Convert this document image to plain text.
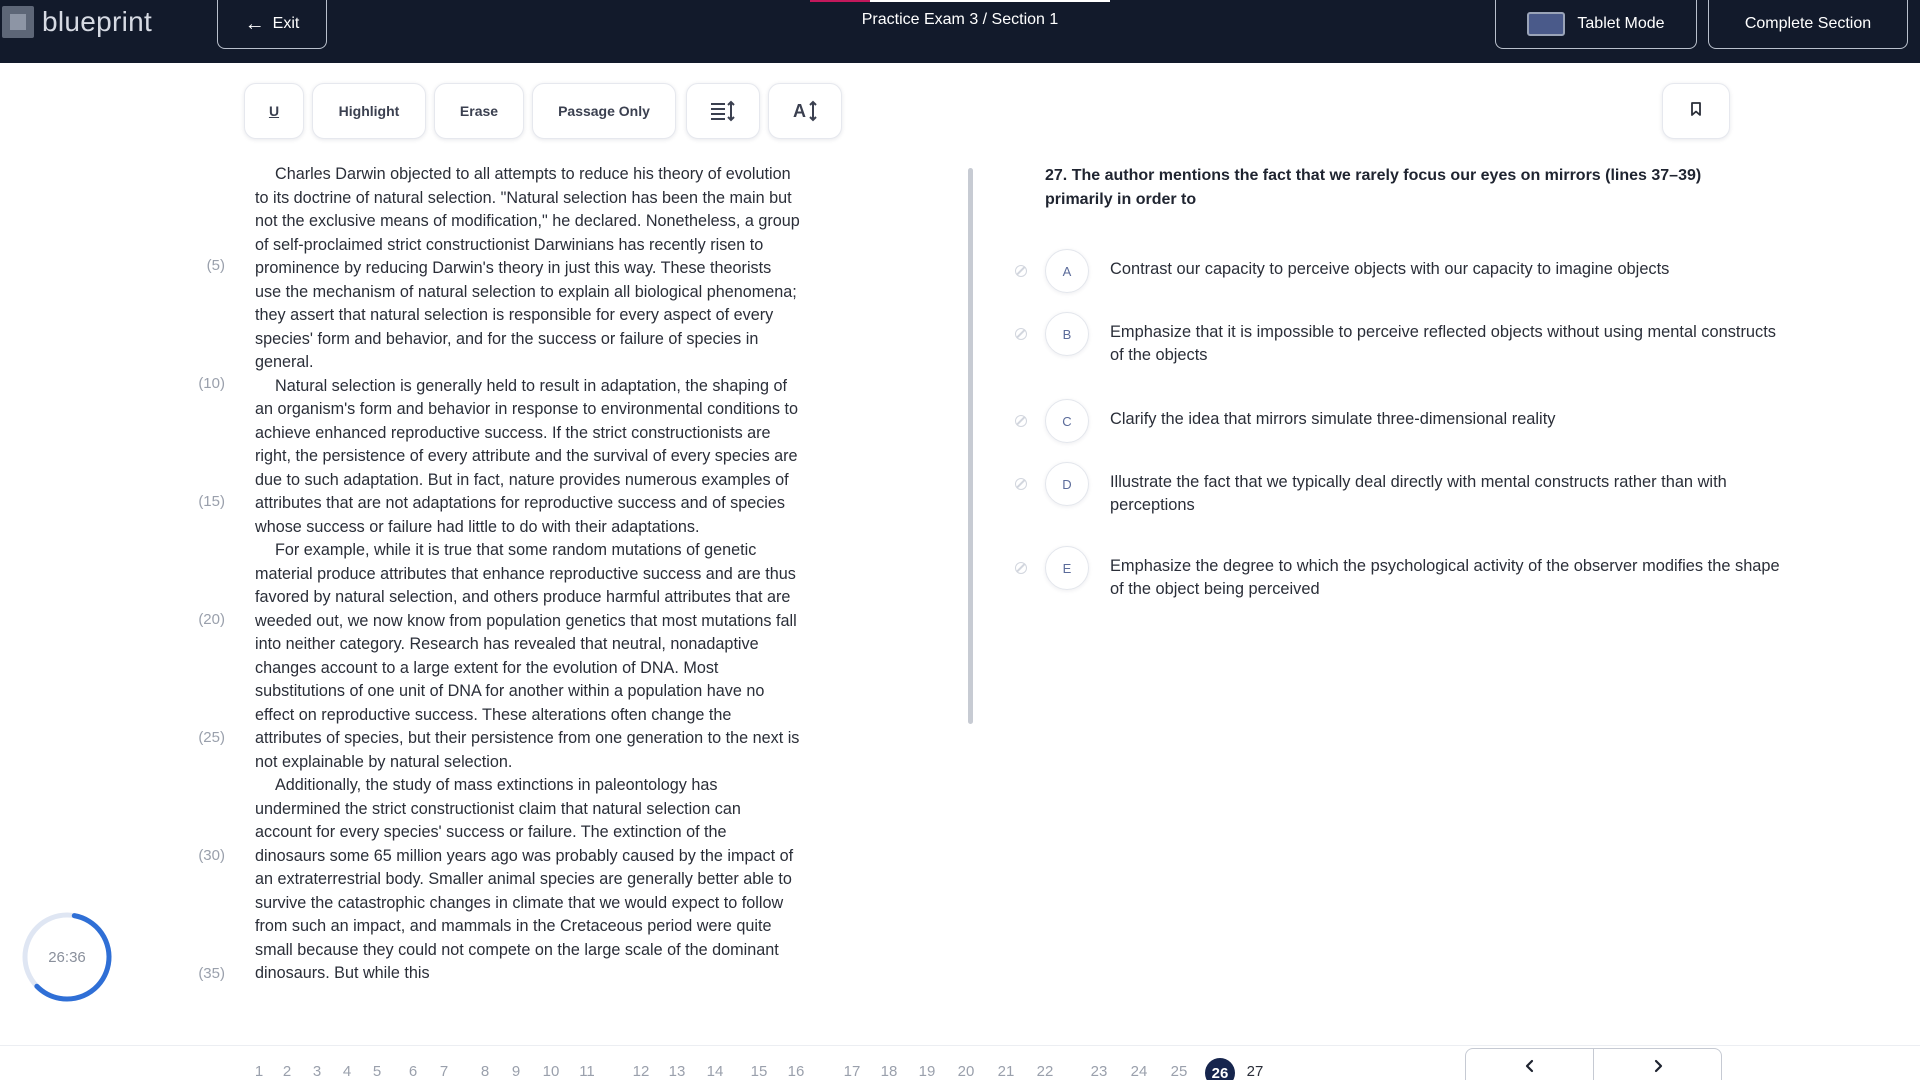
blueprint	← Exit	Practice Exam 3 / Section 1	Tablet Mode	Complete Section
U	Highlight	Erase	Passage Only	A
(5)
(10)
(15)
(20)
(25)
(30)
(35)

Charles Darwin objected to all attempts to reduce his theory of evolution to its doctrine of natural selection. "Natural selection has been the main but not the exclusive means of modification," he declared. Nonetheless, a group of self-proclaimed strict constructionist Darwinians has recently risen to prominence by reducing Darwin's theory in just this way. These theorists use the mechanism of natural selection to explain all biological phenomena; they assert that natural selection is responsible for every aspect of every species' form and behavior, and for the success or failure of species in general.

Natural selection is generally held to result in adaptation, the shaping of an organism's form and behavior in response to environmental conditions to achieve enhanced reproductive success. If the strict constructionists are right, the persistence of every attribute and the survival of every species are due to such adaptation. But in fact, nature provides numerous examples of attributes that are not adaptations for reproductive success and of species whose success or failure had little to do with their adaptations.

For example, while it is true that some random mutations of genetic material produce attributes that enhance reproductive success and are thus favored by natural selection, and others produce harmful attributes that are weeded out, we now know from population genetics that most mutations fall into neither category. Research has revealed that neutral, nonadaptive changes account to a large extent for the evolution of DNA. Most substitutions of one unit of DNA for another within a population have no effect on reproductive success. These alterations often change the attributes of species, but their persistence from one generation to the next is not explainable by natural selection.

Additionally, the study of mass extinctions in paleontology has undermined the strict constructionist claim that natural selection can account for every species' success or failure. The extinction of the dinosaurs some 65 million years ago was probably caused by the impact of an extraterrestrial body. Smaller animal species are generally better able to survive the catastrophic changes in climate that we would expect to follow from such an impact, and mammals in the Cretaceous period were quite small because they could not compete on the large scale of the dominant dinosaurs. But while this

27. The author mentions the fact that we rarely focus our eyes on mirrors (lines 37–39) primarily in order to
A	Contrast our capacity to perceive objects with our capacity to imagine objects
B	Emphasize that it is impossible to perceive reflected objects without using mental constructs of the objects
C	Clarify the idea that mirrors simulate three-dimensional reality
D	Illustrate the fact that we typically deal directly with mental constructs rather than with perceptions
E	Emphasize the degree to which the psychological activity of the observer modifies the shape of the object being perceived
26:36
1	2	3	4	5	6	7	8	9	10	11	12	13	14	15	16	17	18	19	20	21	22	23	24	25	26	27
